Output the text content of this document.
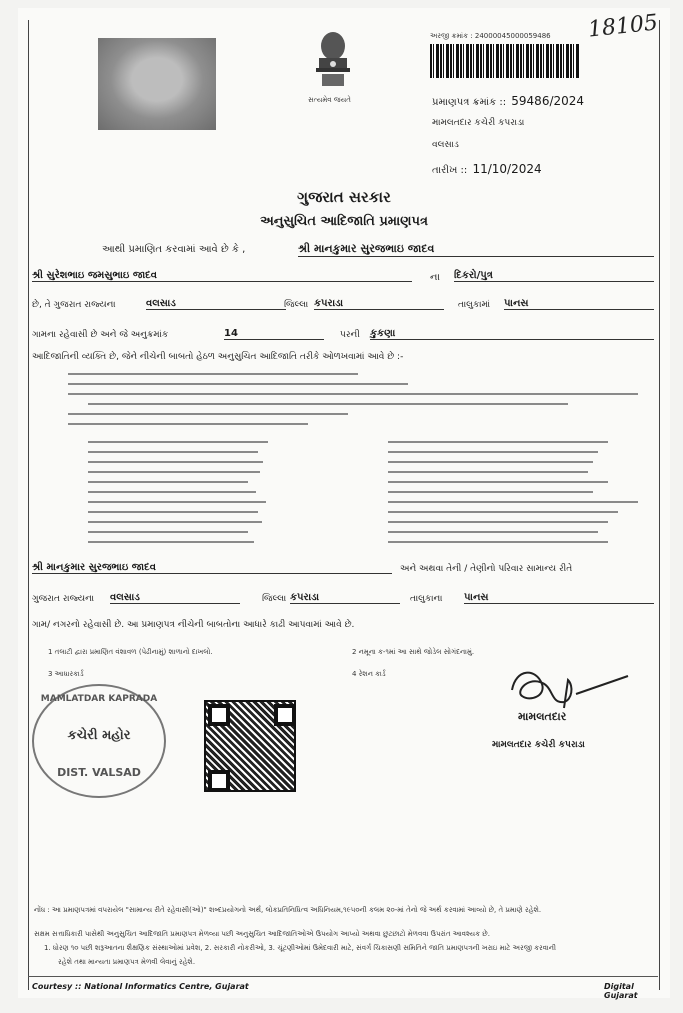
18105
સત્યમેવ જયતે
અરજી ક્રમાંક : 24000045000059486
પ્રમાણપત્ર ક્રમાંક :: 59486/2024
મામલતદાર કચેરી કપરાડા
વલસાડ
તારીખ :: 11/10/2024
ગુજરાત સરકાર
અનુસુચિત આદિજાતિ પ્રમાણપત્ર
આથી પ્રમાણિત કરવામાં આવે છે કે ,	શ્રી માનકુમાર સુરજભાઇ જાદવ
શ્રી સુરેશભાઇ જમસુભાઇ જાદવ	ના દિકરો/પુત્ર
છે, તે ગુજરાત રાજ્યના	વલસાડ	જિલ્લા કપરાડા	તાલુકામાં પાનસ
ગામના રહેવાસી છે અને જે અનુક્રમાંક	14	પરની કુકણા
આદિજાતિની વ્યક્તિ છે, જેને નીચેની બાબતો હેઠળ અનુસુચિત આદિજાતિ તરીકે ઓળખવામાં આવે છે :-
શ્રી માનકુમાર સુરજભાઇ જાદવ	અને અથવા તેની / તેણીનો પરિવાર સામાન્ય રીતે
ગુજરાત રાજ્યના વલસાડ	જિલ્લા કપરાડા	તાલુકાના પાનસ
ગામ/ નગરનો રહેવાસી છે. આ પ્રમાણપત્ર નીચેની બાબતોના આધારે કાઢી આપવામાં આવે છે.
1 તલાટી દ્વારા પ્રમાણિત વંશાવળ (પેઢીનામું) શાળાનો દાખલો.	2 નમૂના ક-૧માં આ સાથે જોડેલ સોગંદનામું.
3 આધારકાર્ડ	4 રેશન કાર્ડ
MAMLATDAR KAPRADA
કચેરી મહોર
DIST. VALSAD
મામલતદાર
મામલતદાર કચેરી કપરાડા
નોંધ : આ પ્રમાણપત્રમાં વપરાયેલ "સામાન્ય રીતે રહેવાસી(ઓ)" શબ્દપ્રયોગનો અર્થ, લોકપ્રતિનિધિત્વ અધિનિયમ,૧૯૫૦ની કલમ ૨૦-માં તેનો જે અર્થ કરવામાં આવ્યો છે, તે પ્રમાણે રહેશે.
સક્ષમ સત્તાધિકારી પાસેથી અનુસુચિત આદિજાતિ પ્રમાણપત્ર મેળવ્યા પછી અનુસુચિત આદિજાતિઓએ ઉપયોગ આપ્યો અથવા છુટછાટો મેળવવા ઉપરાંત આવશ્યક છે.
1. ધોરણ ૧૦ પછી શરૂઆતના શૈક્ષણિક સંસ્થાઓમાં પ્રવેશ, 2. સરકારી નોકરીઓ, 3. ચૂંટણીઓમાં ઉમેદવારી માટે, સંવર્ગ ચિકાસણી સમિતિને જાતિ પ્રમાણપત્રની ખરાઇ માટે અરજી કરવાની
રહેશે તથા માન્યતા પ્રમાણપત્ર મેળવી લેવાનું રહેશે.
Courtesy :: National Informatics Centre, Gujarat	Digital Gujarat
